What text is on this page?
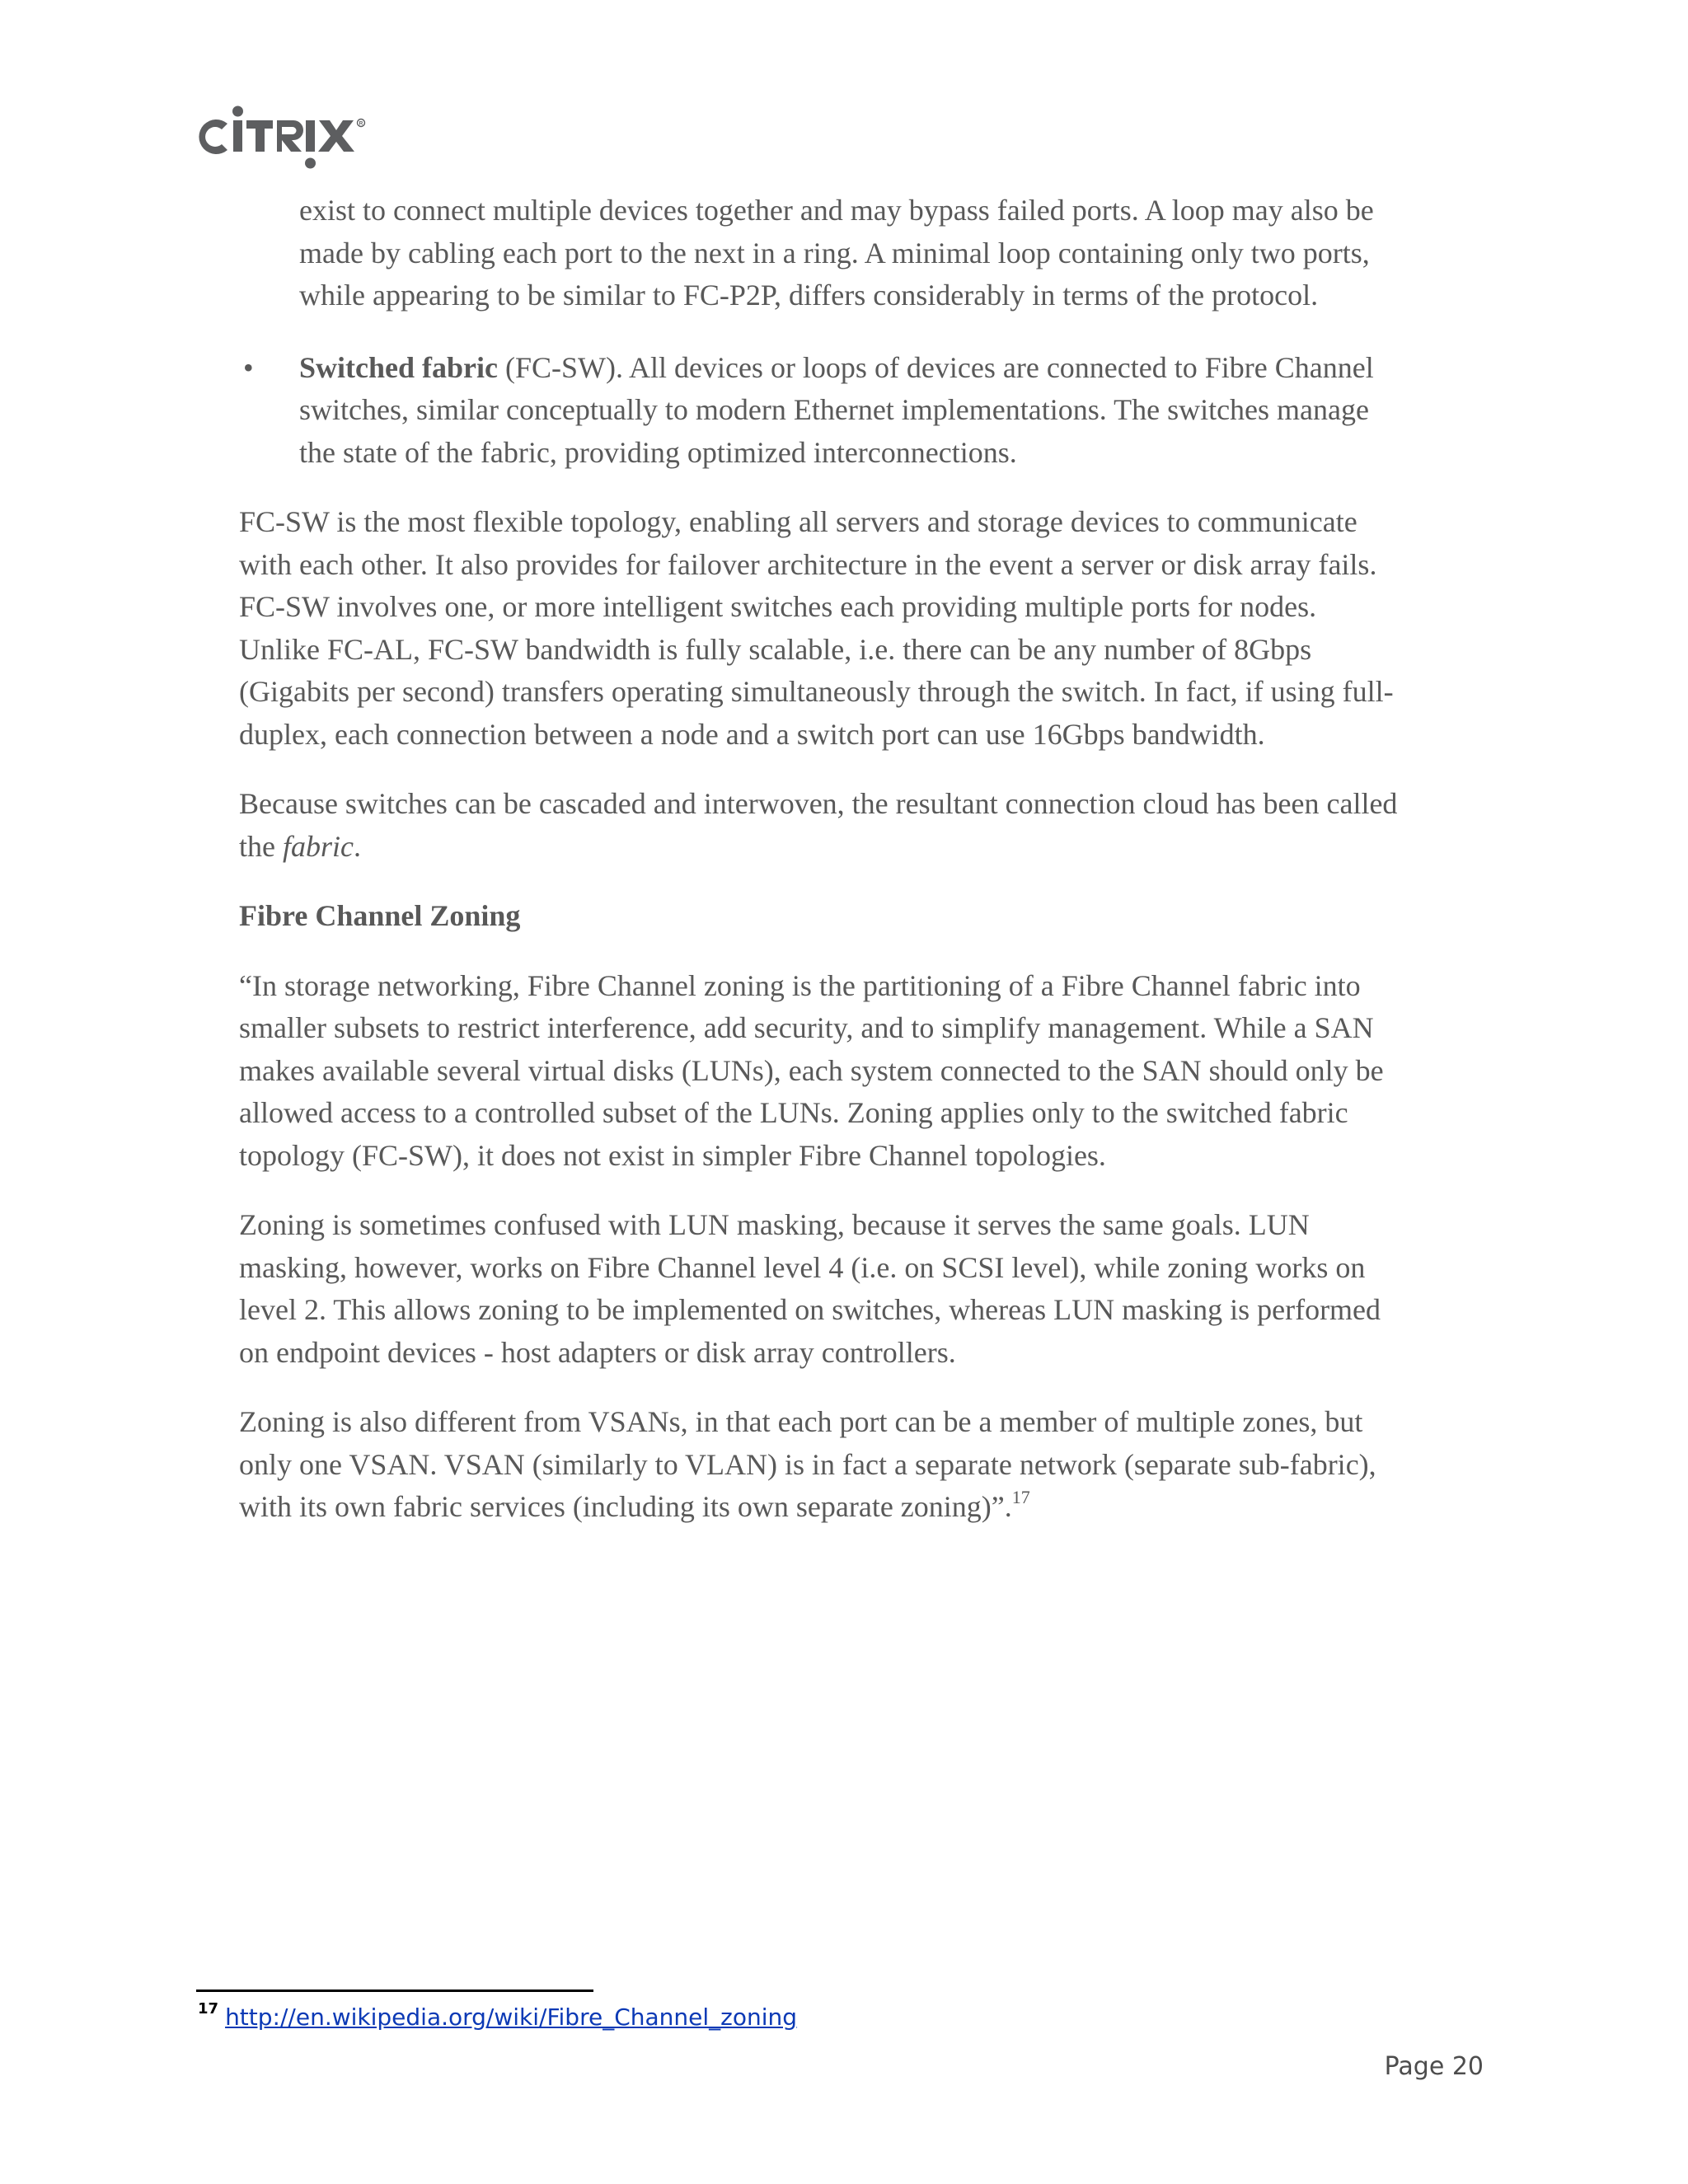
R

exist to connect multiple devices together and may bypass failed ports. A loop may also be

made by cabling each port to the next in a ring. A minimal loop containing only two ports,

while appearing to be similar to FC-P2P, differs considerably in terms of the protocol.

• Switched fabric (FC-SW). All devices or loops of devices are connected to Fibre Channel

switches, similar conceptually to modern Ethernet implementations. The switches manage

the state of the fabric, providing optimized interconnections.

FC-SW is the most flexible topology, enabling all servers and storage devices to communicate

with each other. It also provides for failover architecture in the event a server or disk array fails.

FC-SW involves one, or more intelligent switches each providing multiple ports for nodes.

Unlike FC-AL, FC-SW bandwidth is fully scalable, i.e. there can be any number of 8Gbps

(Gigabits per second) transfers operating simultaneously through the switch. In fact, if using full-

duplex, each connection between a node and a switch port can use 16Gbps bandwidth.

Because switches can be cascaded and interwoven, the resultant connection cloud has been called

the fabric.

Fibre Channel Zoning

“In storage networking, Fibre Channel zoning is the partitioning of a Fibre Channel fabric into

smaller subsets to restrict interference, add security, and to simplify management. While a SAN

makes available several virtual disks (LUNs), each system connected to the SAN should only be

allowed access to a controlled subset of the LUNs. Zoning applies only to the switched fabric

topology (FC-SW), it does not exist in simpler Fibre Channel topologies.

Zoning is sometimes confused with LUN masking, because it serves the same goals. LUN

masking, however, works on Fibre Channel level 4 (i.e. on SCSI level), while zoning works on

level 2. This allows zoning to be implemented on switches, whereas LUN masking is performed

on endpoint devices - host adapters or disk array controllers.

Zoning is also different from VSANs, in that each port can be a member of multiple zones, but

only one VSAN. VSAN (similarly to VLAN) is in fact a separate network (separate sub-fabric),

with its own fabric services (including its own separate zoning)”.$^{17}$

$^{17}$ http://en.wikipedia.org/wiki/Fibre_Channel_zoning
Page 20
